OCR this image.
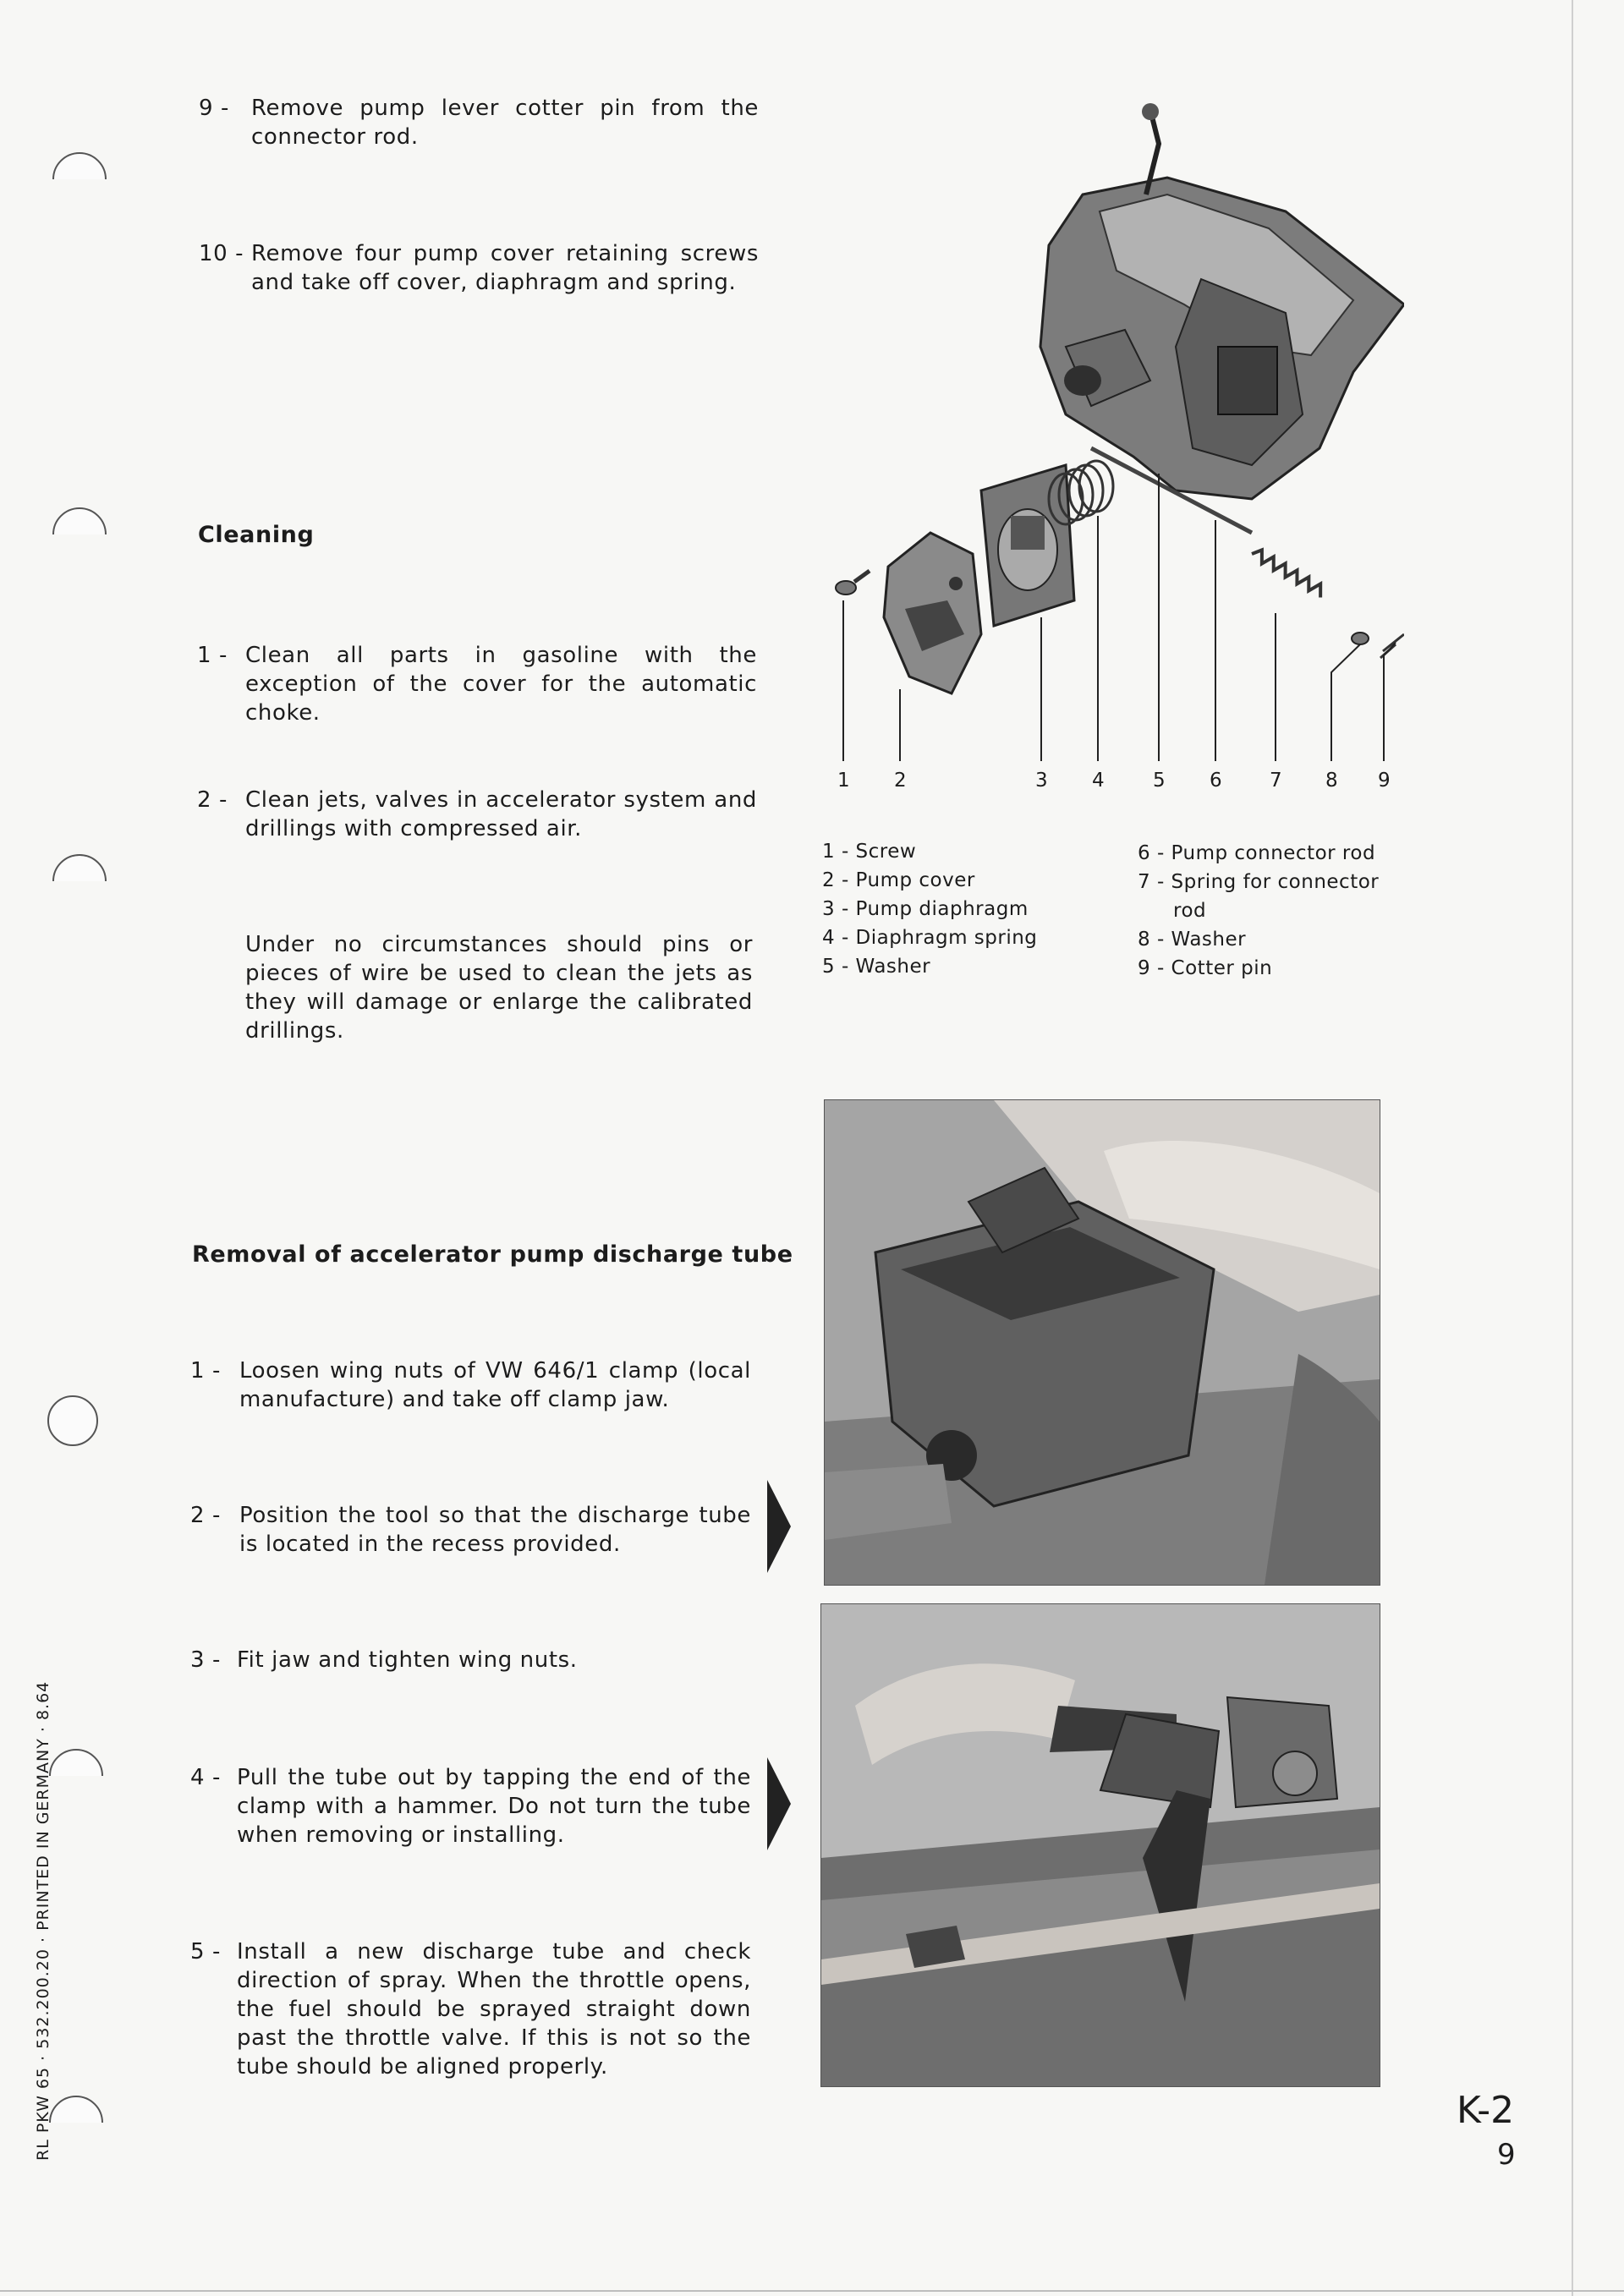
9 - Remove pump lever cotter pin from the connector rod.
10 - Remove four pump cover retaining screws and take off cover, diaphragm and spring.
Cleaning
1 - Clean all parts in gasoline with the exception of the cover for the automatic choke.
2 - Clean jets, valves in accelerator system and drillings with compressed air.
Under no circumstances should pins or pieces of wire be used to clean the jets as they will damage or enlarge the calibrated drillings.
1 2	3 4 5 6 7 8 9
1 - Screw
2 - Pump cover
3 - Pump diaphragm
4 - Diaphragm spring
5 - Washer
6 - Pump connector rod
7 - Spring for connector
rod
8 - Washer
9 - Cotter pin
Removal of accelerator pump discharge tube
1 - Loosen wing nuts of VW 646/1 clamp (local manufacture) and take off clamp jaw.
2 - Position the tool so that the discharge tube is located in the recess provided.
3 - Fit jaw and tighten wing nuts.
4 - Pull the tube out by tapping the end of the clamp with a hammer. Do not turn the tube when removing or installing.
5 - Install a new discharge tube and check direction of spray. When the throttle opens, the fuel should be sprayed straight down past the throttle valve. If this is not so the tube should be aligned properly.
RL PKW 65 · 532.200.20 · PRINTED IN GERMANY · 8.64	K-2
9
